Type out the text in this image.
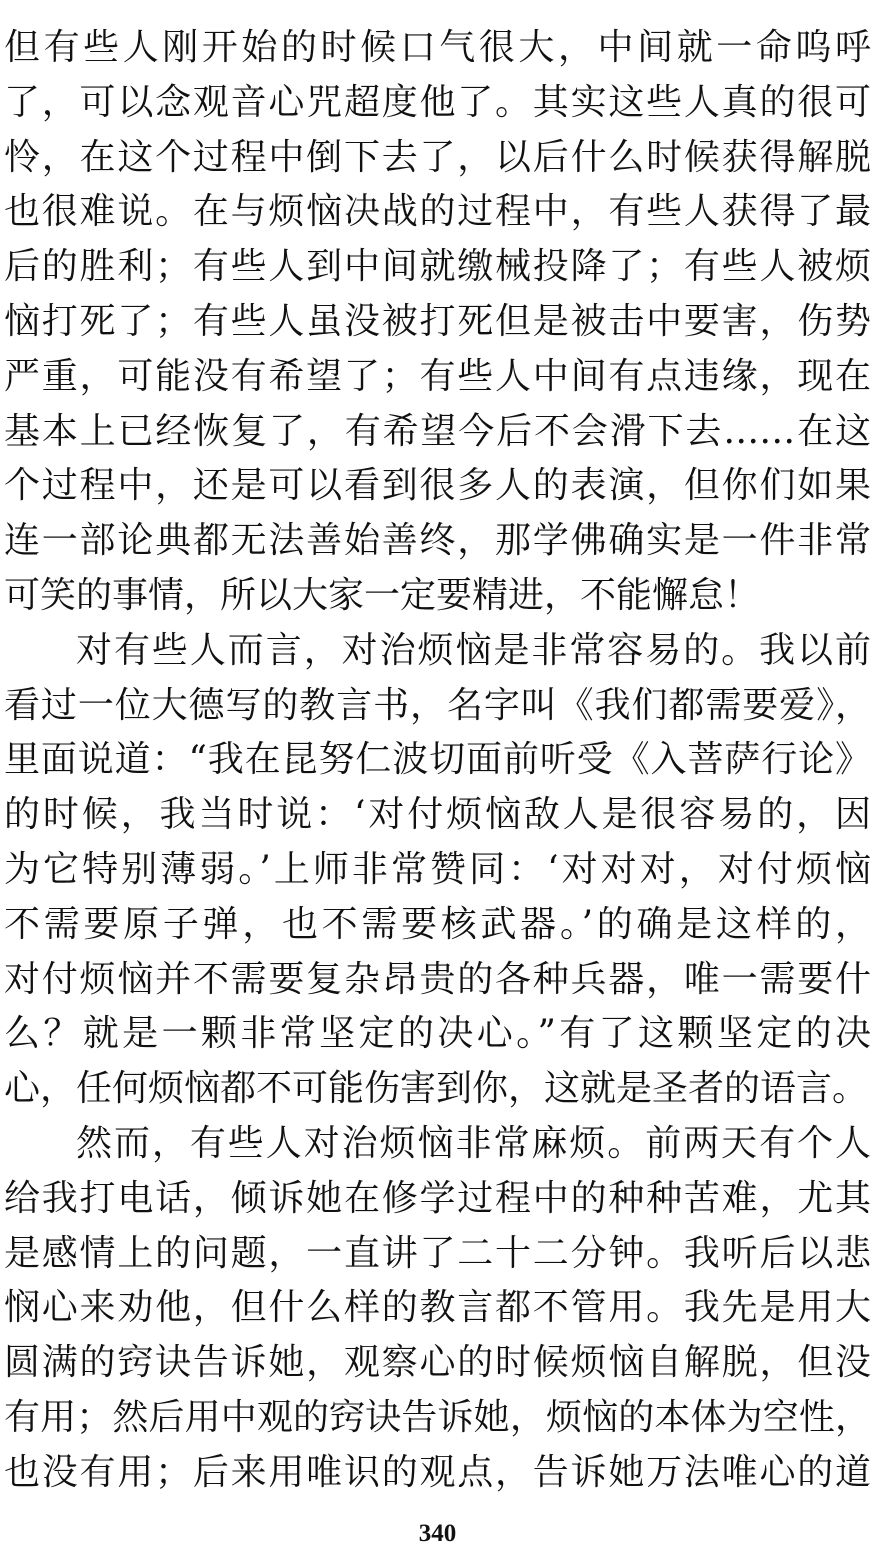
但有些人刚开始的时候口气很大，中间就一命呜呼
了，可以念观音心咒超度他了。其实这些人真的很可
怜，在这个过程中倒下去了，以后什么时候获得解脱
也很难说。在与烦恼决战的过程中，有些人获得了最
后的胜利；有些人到中间就缴械投降了；有些人被烦
恼打死了；有些人虽没被打死但是被击中要害，伤势
严重，可能没有希望了；有些人中间有点违缘，现在
基本上已经恢复了，有希望今后不会滑下去……在这
个过程中，还是可以看到很多人的表演，但你们如果
连一部论典都无法善始善终，那学佛确实是一件非常
可笑的事情，所以大家一定要精进，不能懈怠！
对有些人而言，对治烦恼是非常容易的。我以前
看过一位大德写的教言书，名字叫《我们都需要爱》，
里面说道：“我在昆努仁波切面前听受《入菩萨行论》
的时候，我当时说：‘对付烦恼敌人是很容易的，因
为它特别薄弱。’上师非常赞同：‘对对对，对付烦恼
不需要原子弹，也不需要核武器。’的确是这样的，
对付烦恼并不需要复杂昂贵的各种兵器，唯一需要什
么？就是一颗非常坚定的决心。”有了这颗坚定的决
心，任何烦恼都不可能伤害到你，这就是圣者的语言。
然而，有些人对治烦恼非常麻烦。前两天有个人
给我打电话，倾诉她在修学过程中的种种苦难，尤其
是感情上的问题，一直讲了二十二分钟。我听后以悲
悯心来劝他，但什么样的教言都不管用。我先是用大
圆满的窍诀告诉她，观察心的时候烦恼自解脱，但没
有用；然后用中观的窍诀告诉她，烦恼的本体为空性，
也没有用；后来用唯识的观点，告诉她万法唯心的道
340
